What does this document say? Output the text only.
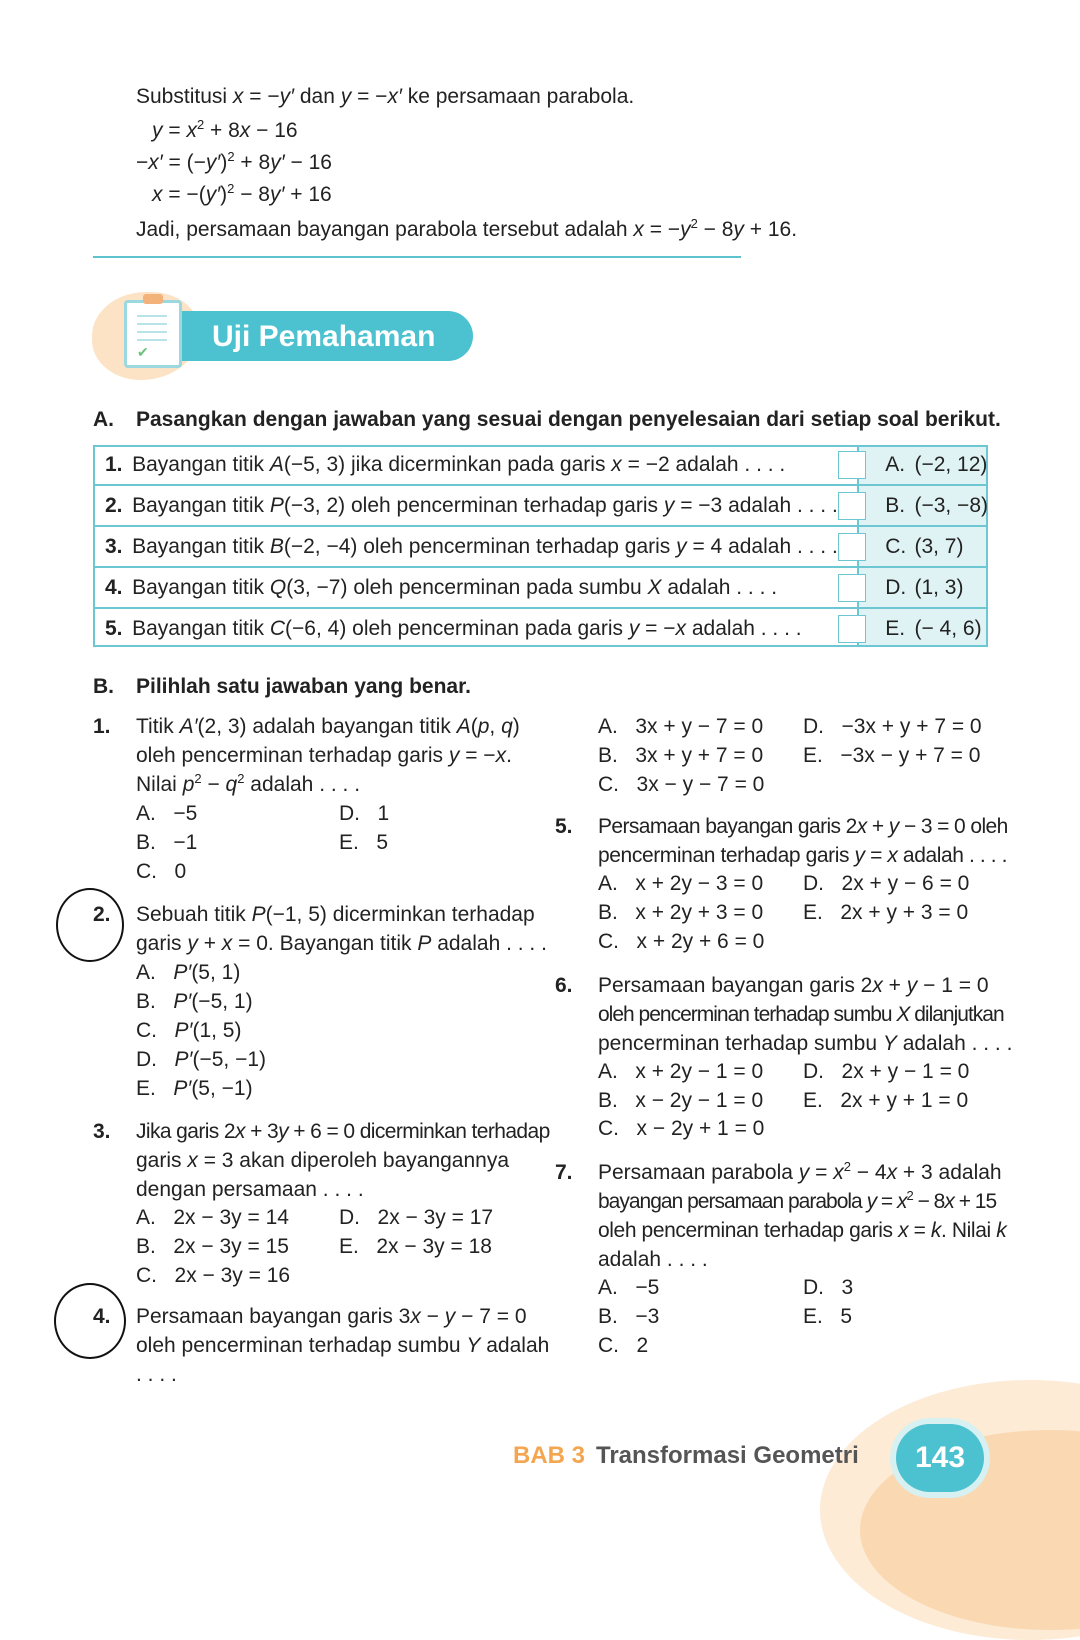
Substitusi x = −y′ dan y = −x′ ke persamaan parabola.
$y = x^2 + 8x - 16$
$-x' = (-y')^2 + 8y' - 16$
$x = -(y')^2 - 8y' + 16$
Jadi, persamaan bayangan parabola tersebut adalah $x = -y^2 - 8y + 16$.
✔ Uji Pemahaman
A. Pasangkan dengan jawaban yang sesuai dengan penyelesaian dari setiap soal berikut.
1.	Bayangan titik A(−5, 3) jika dicerminkan pada garis x = −2 adalah . . . .		A.	(−2, 12)
2.	Bayangan titik P(−3, 2) oleh pencerminan terhadap garis y = −3 adalah . . . .		B.	(−3, −8)
3.	Bayangan titik B(−2, −4) oleh pencerminan terhadap garis y = 4 adalah . . . .		C.	(3, 7)
4.	Bayangan titik Q(3, −7) oleh pencerminan pada sumbu X adalah . . . .		D.	(1, 3)
5.	Bayangan titik C(−6, 4) oleh pencerminan pada garis y = −x adalah . . . .		E.	(− 4, 6)
B. Pilihlah satu jawaban yang benar.
1. Titik A′(2, 3) adalah bayangan titik A(p, q)
oleh pencerminan terhadap garis y = −x.
Nilai $p^2 - q^2$ adalah . . . .
A. −5
B. −1
C. 0
D. 1
E. 5
2. Sebuah titik P(−1, 5) dicerminkan terhadap
garis y + x = 0. Bayangan titik P adalah . . . .
A. P′(5, 1)
B. P′(−5, 1)
C. P′(1, 5)
D. P′(−5, −1)
E. P′(5, −1)
3. Jika garis 2x + 3y + 6 = 0 dicerminkan terhadap
garis x = 3 akan diperoleh bayangannya
dengan persamaan . . . .
A. 2x − 3y = 14
B. 2x − 3y = 15
C. 2x − 3y = 16
D. 2x − 3y = 17
E. 2x − 3y = 18
4. Persamaan bayangan garis 3x − y − 7 = 0
oleh pencerminan terhadap sumbu Y adalah
. . . .
A. 3x + y − 7 = 0
B. 3x + y + 7 = 0
C. 3x − y − 7 = 0
D. −3x + y + 7 = 0
E. −3x − y + 7 = 0
5. Persamaan bayangan garis 2x + y − 3 = 0 oleh
pencerminan terhadap garis y = x adalah . . . .
A. x + 2y − 3 = 0
B. x + 2y + 3 = 0
C. x + 2y + 6 = 0
D. 2x + y − 6 = 0
E. 2x + y + 3 = 0
6. Persamaan bayangan garis 2x + y − 1 = 0
oleh pencerminan terhadap sumbu X dilanjutkan
pencerminan terhadap sumbu Y adalah . . . .
A. x + 2y − 1 = 0
B. x − 2y − 1 = 0
C. x − 2y + 1 = 0
D. 2x + y − 1 = 0
E. 2x + y + 1 = 0
7. Persamaan parabola $y = x^2 - 4x + 3$ adalah
bayangan persamaan parabola $y = x^2 - 8x + 15$
oleh pencerminan terhadap garis x = k. Nilai k
adalah . . . .
A. −5
B. −3
C. 2
D. 3
E. 5
BAB 3 Transformasi Geometri	143
